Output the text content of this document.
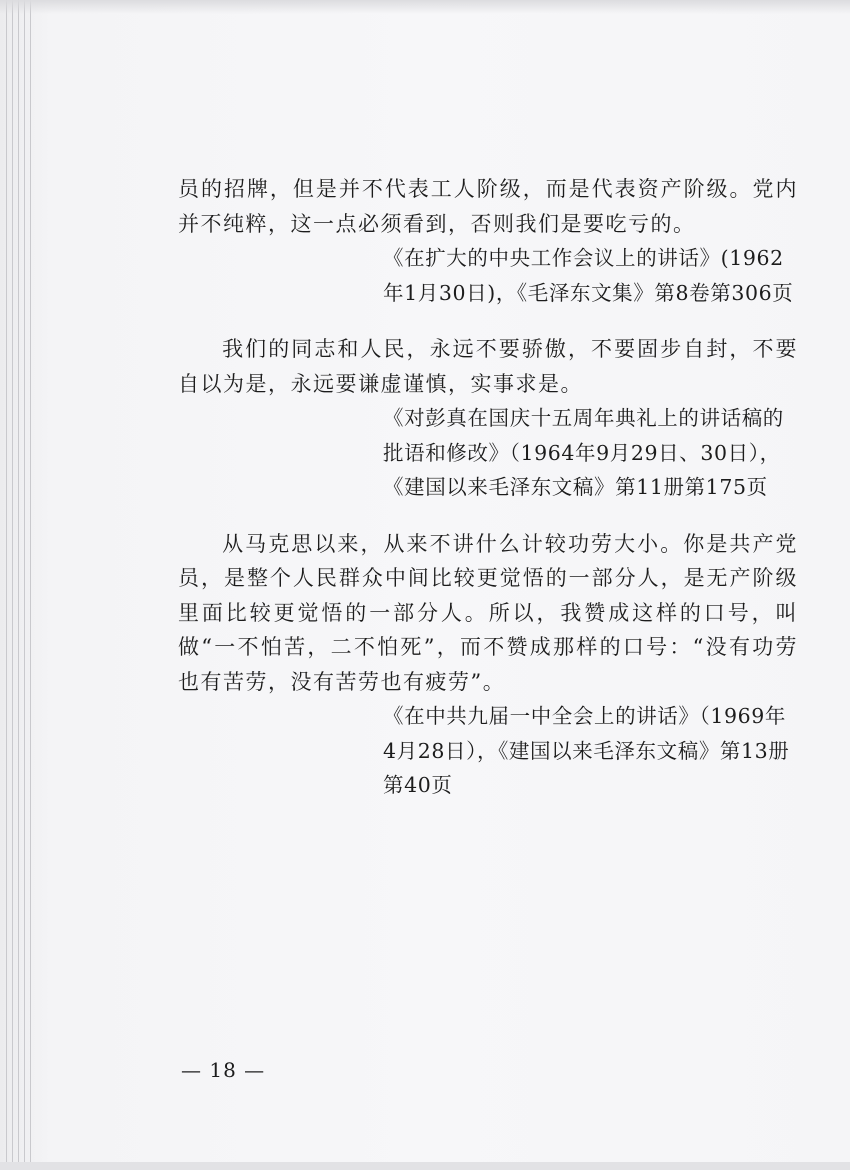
员的招牌，但是并不代表工人阶级，而是代表资产阶级。党内并不纯粹，这一点必须看到，否则我们是要吃亏的。

《在扩大的中央工作会议上的讲话》(1962年1月30日)，《毛泽东文集》第8卷第306页

我们的同志和人民，永远不要骄傲，不要固步自封，不要自以为是，永远要谦虚谨慎，实事求是。

《对彭真在国庆十五周年典礼上的讲话稿的批语和修改》（1964年9月29日、30日），《建国以来毛泽东文稿》第11册第175页

从马克思以来，从来不讲什么计较功劳大小。你是共产党员，是整个人民群众中间比较更觉悟的一部分人，是无产阶级里面比较更觉悟的一部分人。所以，我赞成这样的口号，叫做“一不怕苦，二不怕死”，而不赞成那样的口号：“没有功劳也有苦劳，没有苦劳也有疲劳”。

《在中共九届一中全会上的讲话》（1969年4月28日），《建国以来毛泽东文稿》第13册第40页

— 18 —
